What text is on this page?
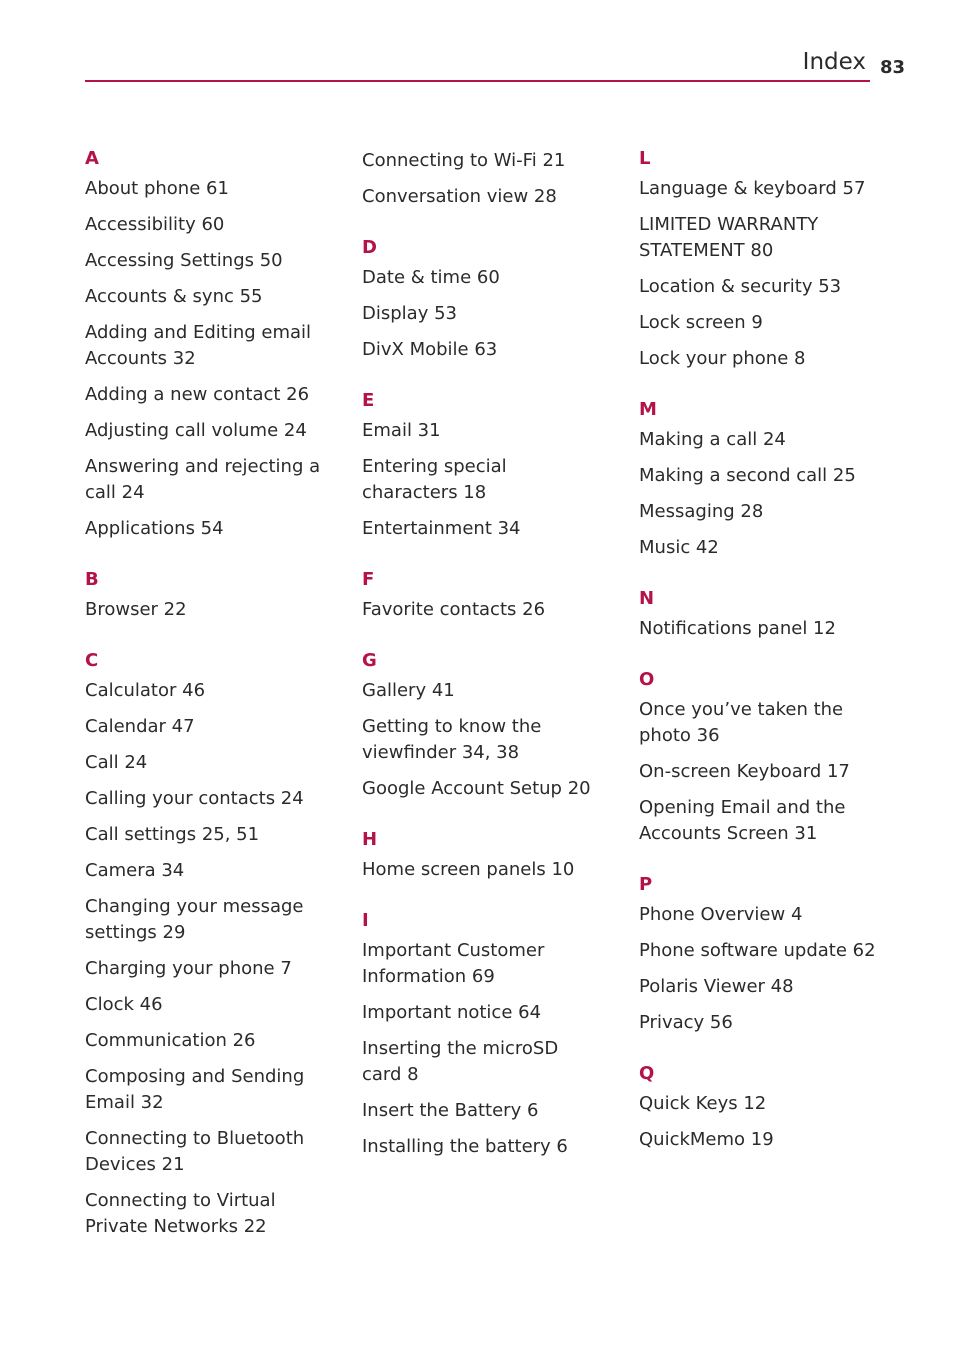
Index 83
A
About phone 61
Accessibility 60
Accessing Settings 50
Accounts & sync 55
Adding and Editing email Accounts 32
Adding a new contact 26
Adjusting call volume 24
Answering and rejecting a call 24
Applications 54
B
Browser 22
C
Calculator 46
Calendar 47
Call 24
Calling your contacts 24
Call settings 25, 51
Camera 34
Changing your message settings 29
Charging your phone 7
Clock 46
Communication 26
Composing and Sending Email 32
Connecting to Bluetooth Devices 21
Connecting to Virtual Private Networks 22
Connecting to Wi-Fi 21
Conversation view 28
D
Date & time 60
Display 53
DivX Mobile 63
E
Email 31
Entering special characters 18
Entertainment 34
F
Favorite contacts 26
G
Gallery 41
Getting to know the viewfinder 34, 38
Google Account Setup 20
H
Home screen panels 10
I
Important Customer Information 69
Important notice 64
Inserting the microSD card 8
Insert the Battery 6
Installing the battery 6
L
Language & keyboard 57
LIMITED WARRANTY STATEMENT 80
Location & security 53
Lock screen 9
Lock your phone 8
M
Making a call 24
Making a second call 25
Messaging 28
Music 42
N
Notifications panel 12
O
Once you’ve taken the photo 36
On-screen Keyboard 17
Opening Email and the Accounts Screen 31
P
Phone Overview 4
Phone software update 62
Polaris Viewer 48
Privacy 56
Q
Quick Keys 12
QuickMemo 19
